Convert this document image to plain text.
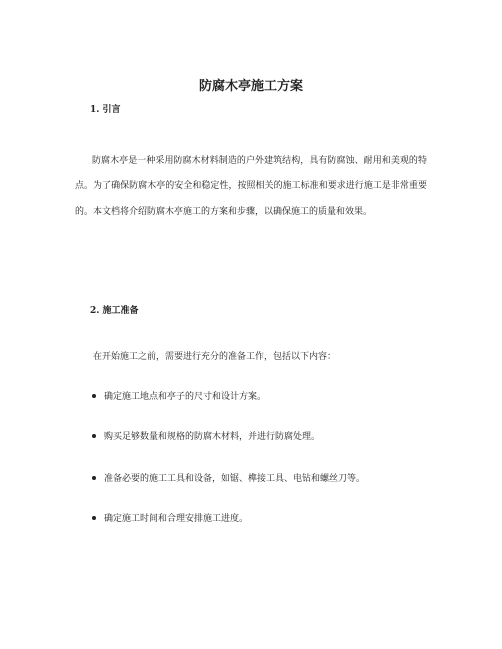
防腐木亭施工方案
1. 引言

防腐木亭是一种采用防腐木材料制造的户外建筑结构，具有防腐蚀、耐用和美观的特点。为了确保防腐木亭的安全和稳定性，按照相关的施工标准和要求进行施工是非常重要的。本文档将介绍防腐木亭施工的方案和步骤，以确保施工的质量和效果。

2. 施工准备
在开始施工之前，需要进行充分的准备工作，包括以下内容：
确定施工地点和亭子的尺寸和设计方案。
购买足够数量和规格的防腐木材料，并进行防腐处理。
准备必要的施工工具和设备，如锯、榫接工具、电钻和螺丝刀等。
确定施工时间和合理安排施工进度。
